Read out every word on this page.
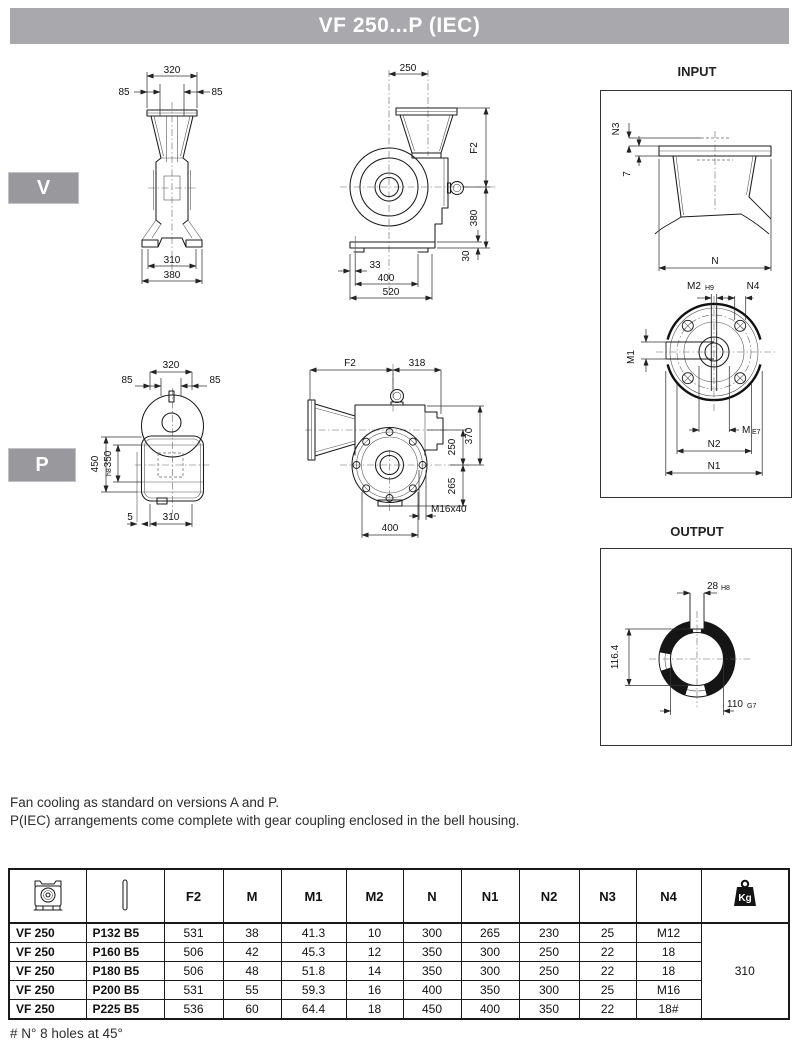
VF 250...P (IEC)
V
P
320
85	85
310
380
250
F2
380
30
33
400
520
INPUT
N3
7
N
M2 H9	N4
M1
M E7
N2
N1
320
85	85
450 350
h8
5	310
F2	318
370
250
265
M16x40
400	OUTPUT
28 H8
116.4
110 G7
Fan cooling as standard on versions A and P.
P(IEC) arrangements come complete with gear coupling enclosed in the bell housing.
		F2	M	M1	M2	N	N1	N2	N3	N4	Kg

VF 250	P132 B5	531	38	41.3	10	300	265	230	25	M12	310
VF 250	P160 B5	506	42	45.3	12	350	300	250	22	18	
VF 250	P180 B5	506	48	51.8	14	350	300	250	22	18	
VF 250	P200 B5	531	55	59.3	16	400	350	300	25	M16	
VF 250	P225 B5	536	60	64.4	18	450	400	350	22	18#	
# N° 8 holes at 45°
